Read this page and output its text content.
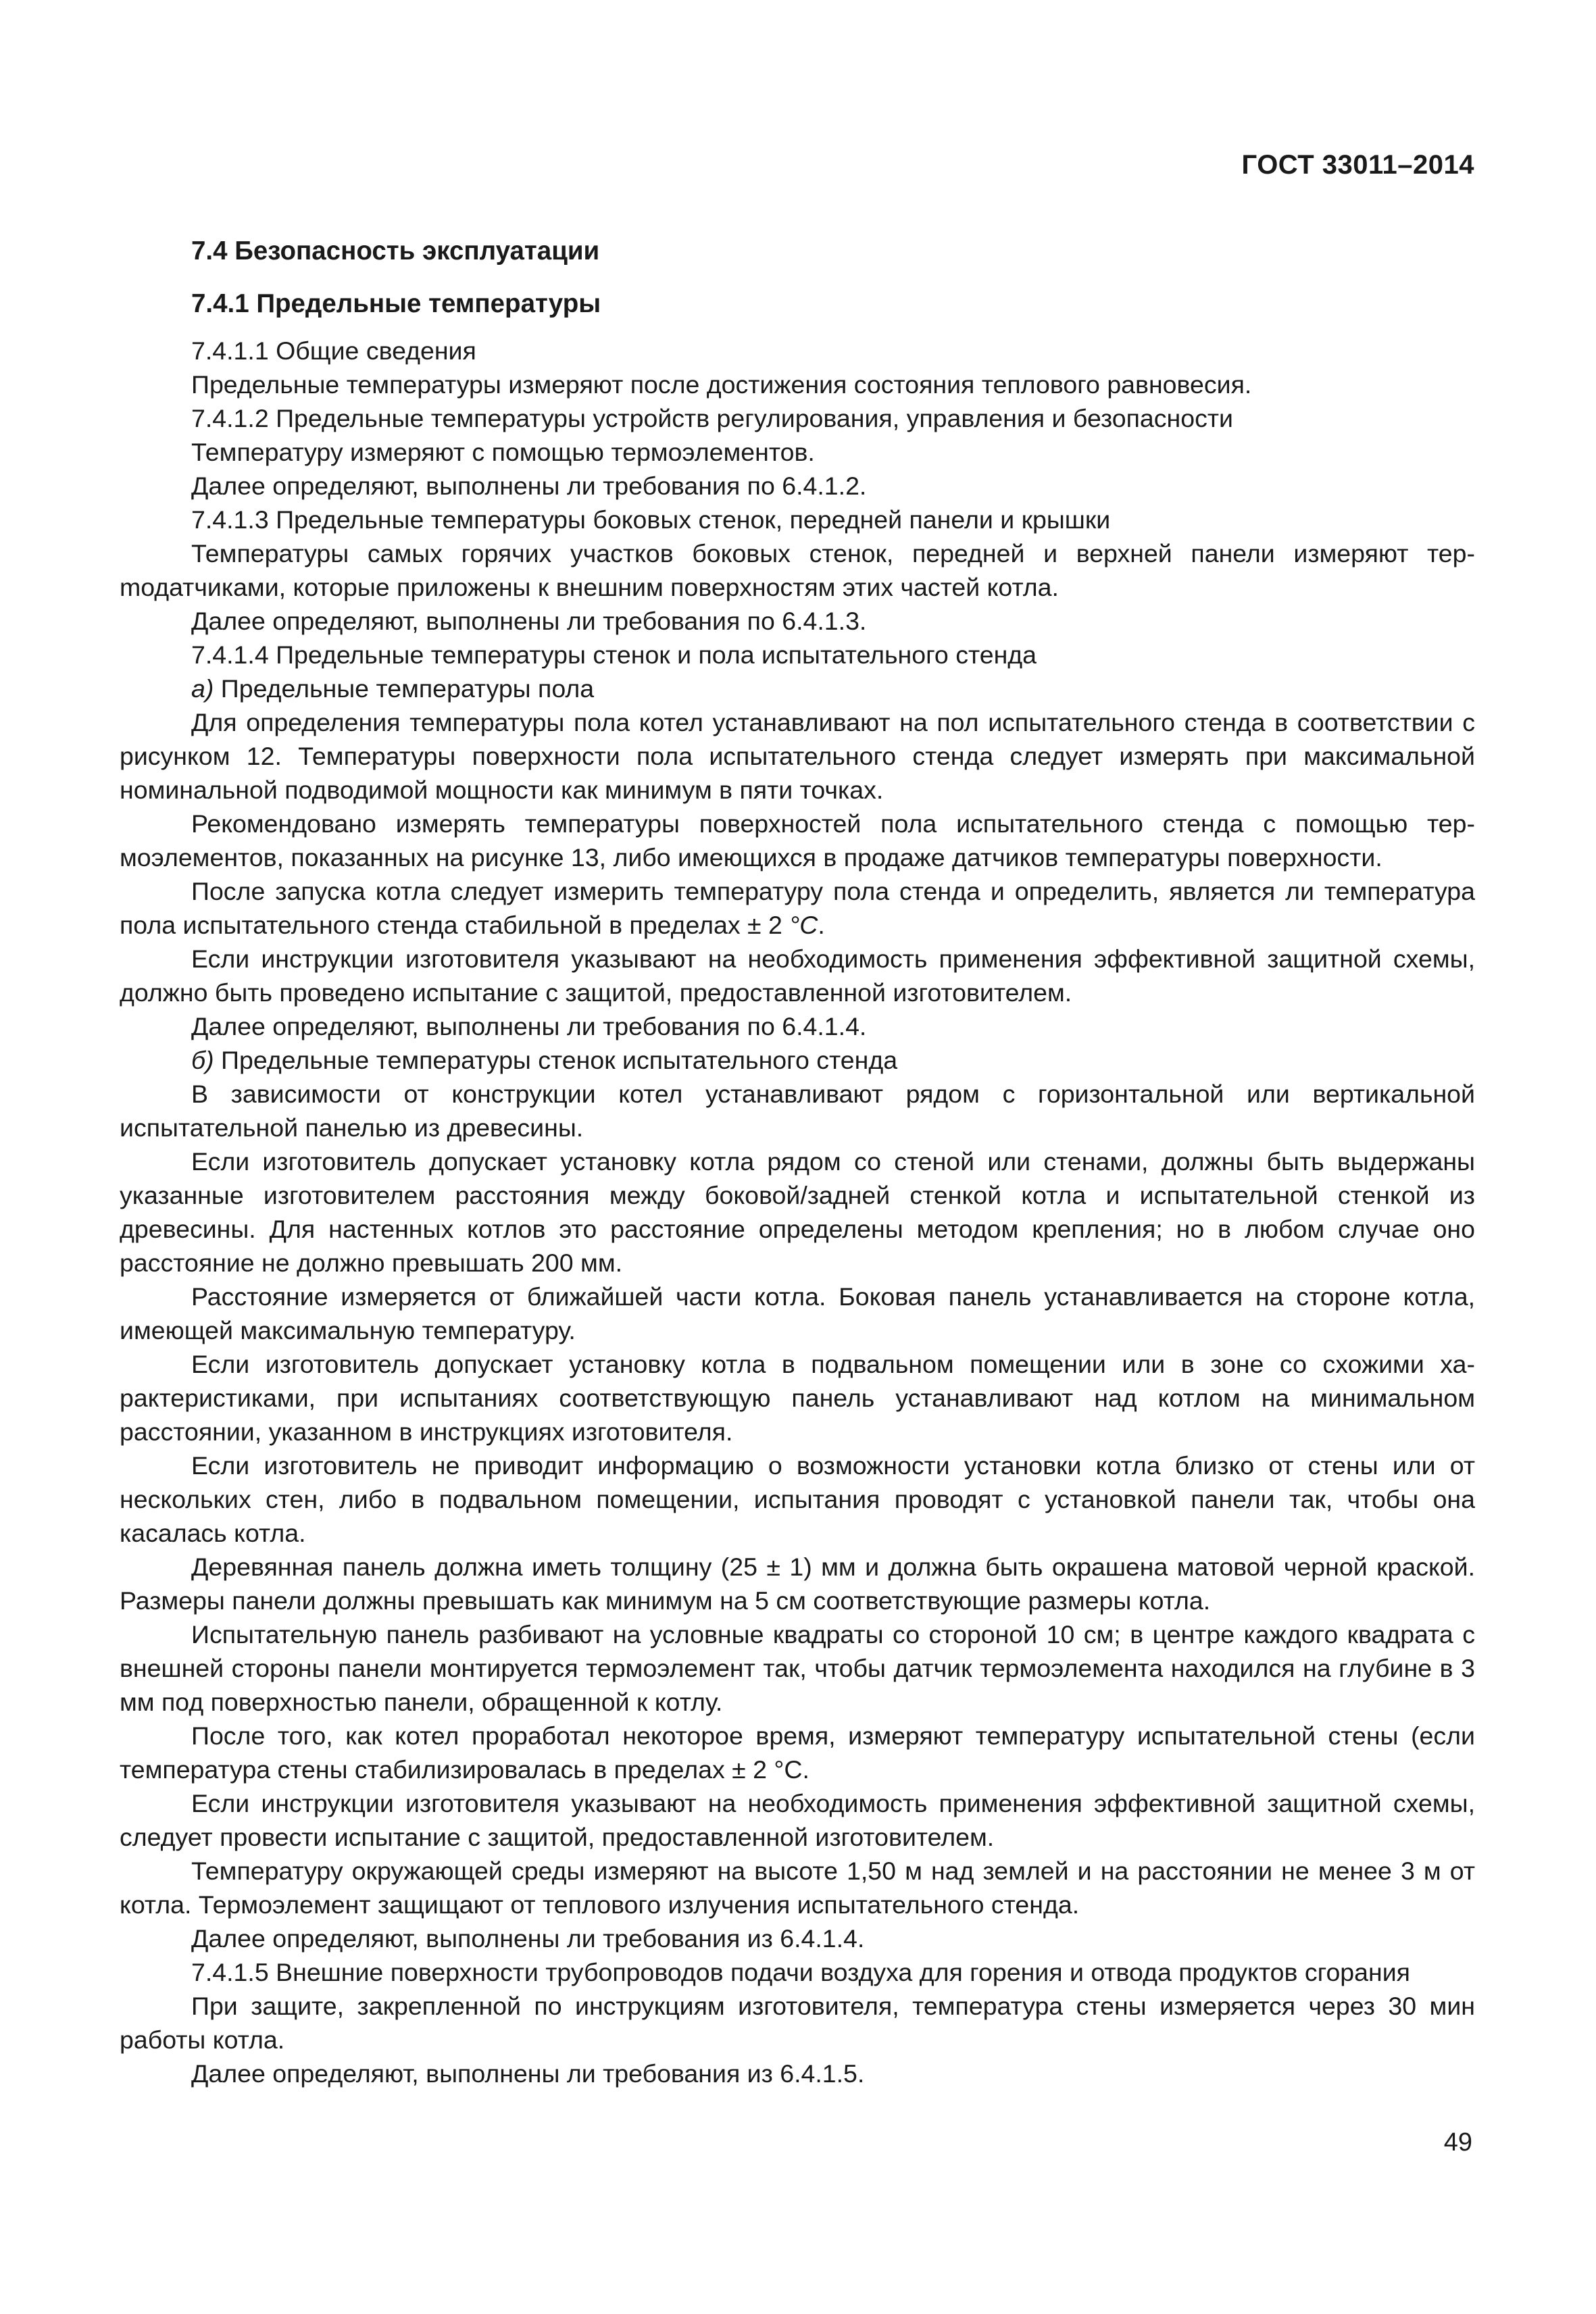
ГОСТ 33011–2014

7.4 Безопасность эксплуатации

7.4.1 Предельные температуры

7.4.1.1 Общие сведения

Предельные температуры измеряют после достижения состояния теплового равновесия.

7.4.1.2 Предельные температуры устройств регулирования, управления и безопасности

Температуру измеряют с помощью термоэлементов.

Далее определяют, выполнены ли требования по 6.4.1.2.

7.4.1.3 Предельные температуры боковых стенок, передней панели и крышки

Температуры самых горячих участков боковых стенок, передней и верхней панели измеряют терmодатчиками, которые приложены к внешним поверхностям этих частей котла.

Далее определяют, выполнены ли требования по 6.4.1.3.

7.4.1.4 Предельные температуры стенок и пола испытательного стенда

а) Предельные температуры пола

Для определения температуры пола котел устанавливают на пол испытательного стенда в соответствии с рисунком 12. Температуры поверхности пола испытательного стенда следует измерять при максимальной номинальной подводимой мощности как минимум в пяти точках.

Рекомендовано измерять температуры поверхностей пола испытательного стенда с помощью термоэлементов, показанных на рисунке 13, либо имеющихся в продаже датчиков температуры поверхности.

После запуска котла следует измерить температуру пола стенда и определить, является ли температура пола испытательного стенда стабильной в пределах ± 2 °C.

Если инструкции изготовителя указывают на необходимость применения эффективной защитной схемы, должно быть проведено испытание с защитой, предоставленной изготовителем.

Далее определяют, выполнены ли требования по 6.4.1.4.

б) Предельные температуры стенок испытательного стенда

В зависимости от конструкции котел устанавливают рядом с горизонтальной или вертикальной испытательной панелью из древесины.

Если изготовитель допускает установку котла рядом со стеной или стенами, должны быть выдержаны указанные изготовителем расстояния между боковой/задней стенкой котла и испытательной стенкой из древесины. Для настенных котлов это расстояние определены методом крепления; но в любом случае оно расстояние не должно превышать 200 мм.

Расстояние измеряется от ближайшей части котла. Боковая панель устанавливается на стороне котла, имеющей максимальную температуру.

Если изготовитель допускает установку котла в подвальном помещении или в зоне со схожими характеристиками, при испытаниях соответствующую панель устанавливают над котлом на минимальном расстоянии, указанном в инструкциях изготовителя.

Если изготовитель не приводит информацию о возможности установки котла близко от стены или от нескольких стен, либо в подвальном помещении, испытания проводят с установкой панели так, чтобы она касалась котла.

Деревянная панель должна иметь толщину (25 ± 1) мм и должна быть окрашена матовой черной краской. Размеры панели должны превышать как минимум на 5 см соответствующие размеры котла.

Испытательную панель разбивают на условные квадраты со стороной 10 см; в центре каждого квадрата с внешней стороны панели монтируется термоэлемент так, чтобы датчик термоэлемента находился на глубине в 3 мм под поверхностью панели, обращенной к котлу.

После того, как котел проработал некоторое время, измеряют температуру испытательной стены (если температура стены стабилизировалась в пределах ± 2 °C.

Если инструкции изготовителя указывают на необходимость применения эффективной защитной схемы, следует провести испытание с защитой, предоставленной изготовителем.

Температуру окружающей среды измеряют на высоте 1,50 м над землей и на расстоянии не менее 3 м от котла. Термоэлемент защищают от теплового излучения испытательного стенда.

Далее определяют, выполнены ли требования из 6.4.1.4.

7.4.1.5 Внешние поверхности трубопроводов подачи воздуха для горения и отвода продуктов сгорания

При защите, закрепленной по инструкциям изготовителя, температура стены измеряется через 30 мин работы котла.

Далее определяют, выполнены ли требования из 6.4.1.5.

49
